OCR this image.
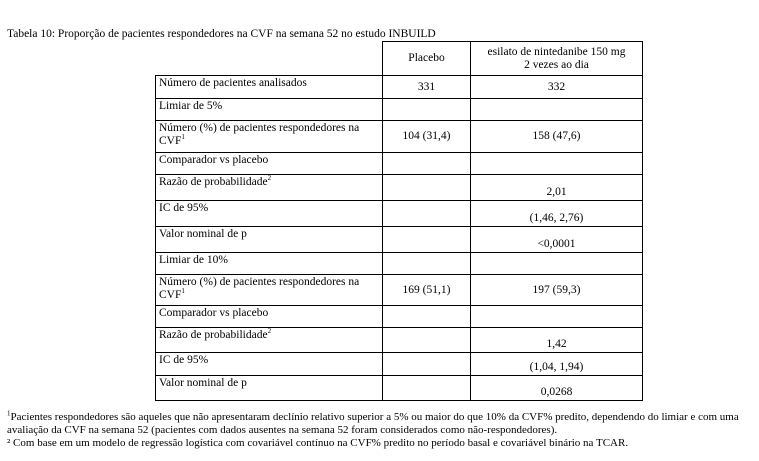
Tabela 10: Proporção de pacientes respondedores na CVF na semana 52 no estudo INBUILD
	Placebo	esilato de nintedanibe 150 mg
2 vezes ao dia
Número de pacientes analisados	331	332
Limiar de 5%		
Número (%) de pacientes respondedores na CVF$^1$	104 (31,4)	158 (47,6)
Comparador vs placebo		
Razão de probabilidade$^2$		2,01
IC de 95%		(1,46, 2,76)
Valor nominal de p		<0,0001
Limiar de 10%		
Número (%) de pacientes respondedores na CVF$^1$	169 (51,1)	197 (59,3)
Comparador vs placebo		
Razão de probabilidade$^2$		1,42
IC de 95%		(1,04, 1,94)
Valor nominal de p		0,0268

$^1$Pacientes respondedores são aqueles que não apresentaram declínio relativo superior a 5% ou maior do que 10% da CVF% predito, dependendo do limiar e com uma avaliação da CVF na semana 52 (pacientes com dados ausentes na semana 52 foram considerados como não-respondedores).

² Com base em um modelo de regressão logística com covariável contínuo na CVF% predito no período basal e covariável binário na TCAR.
